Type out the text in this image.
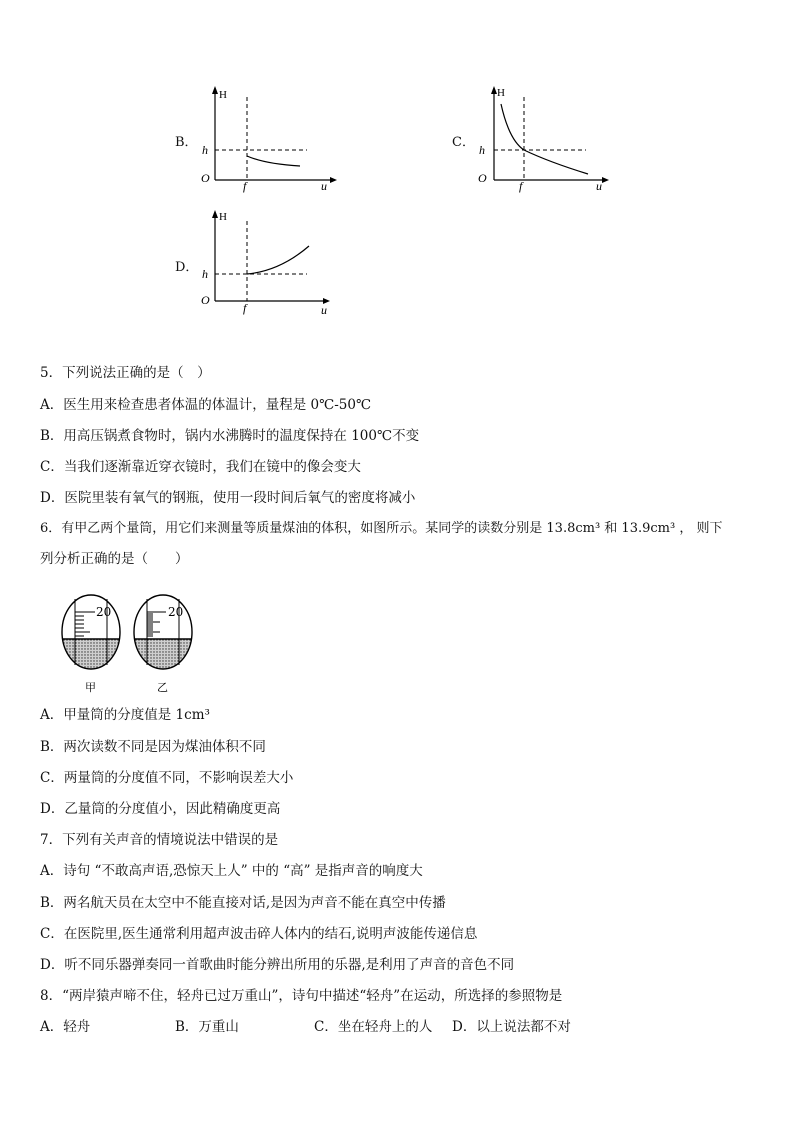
B．
H
h
O
f	u
C．
H
h
O
f	u
D．
H
h
O
f	u
5．下列说法正确的是（　）
A．医生用来检查患者体温的体温计，量程是 0℃-50℃
B．用高压锅煮食物时，锅内水沸腾时的温度保持在 100℃不变
C．当我们逐渐靠近穿衣镜时，我们在镜中的像会变大
D．医院里装有氧气的钢瓶，使用一段时间后氧气的密度将减小
6．有甲乙两个量筒，用它们来测量等质量煤油的体积，如图所示。某同学的读数分别是 13.8cm³ 和 13.9cm³ ， 则下
列分析正确的是（　　）
20	20
甲	乙
A．甲量筒的分度值是 1cm³
B．两次读数不同是因为煤油体积不同
C．两量筒的分度值不同，不影响误差大小
D．乙量筒的分度值小，因此精确度更高
7．下列有关声音的情境说法中错误的是
A．诗句 “不敢高声语,恐惊天上人” 中的 “高” 是指声音的响度大
B．两名航天员在太空中不能直接对话,是因为声音不能在真空中传播
C．在医院里,医生通常利用超声波击碎人体内的结石,说明声波能传递信息
D．听不同乐器弹奏同一首歌曲时能分辨出所用的乐器,是利用了声音的音色不同
8．“两岸猿声啼不住，轻舟已过万重山”，诗句中描述“轻舟”在运动，所选择的参照物是
A．轻舟	B．万重山	C．坐在轻舟上的人 D．以上说法都不对
